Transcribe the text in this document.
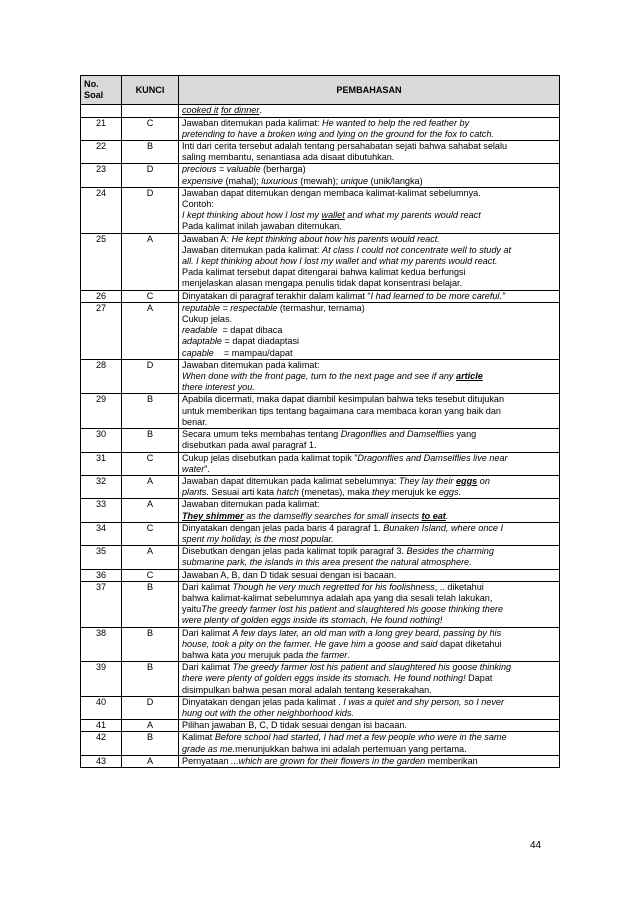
No. Soal	KUNCI	PEMBAHASAN

		cooked it for dinner.

21	C	Jawaban ditemukan pada kalimat: He wanted to help the red feather by
pretending to have a broken wing and lying on the ground for the fox to catch.

22	B	Inti dari cerita tersebut adalah tentang persahabatan sejati bahwa sahabat selalu
saling membantu, senantiasa ada disaat dibutuhkan.

23	D	precious = valuable (berharga)
expensive (mahal); luxurious (mewah); unique (unik/langka)

24	D	Jawaban dapat ditemukan dengan membaca kalimat-kalimat sebelumnya.
Contoh:
I kept thinking about how I lost my wallet and what my parents would react
Pada kalimat inilah jawaban ditemukan.

25	A	Jawaban A: He kept thinking about how his parents would react.
Jawaban ditemukan pada kalimat: At class I could not concentrate well to study at
all. I kept thinking about how I lost my wallet and what my parents would react.
Pada kalimat tersebut dapat ditengarai bahwa kalimat kedua berfungsi
menjelaskan alasan mengapa penulis tidak dapat konsentrasi belajar.

26	C	Dinyatakan di paragraf terakhir dalam kalimat “I had learned to be more careful.”

27	A	reputable = respectable (termashur, ternama)
Cukup jelas.
readable  = dapat dibaca
adaptable = dapat diadaptasi
capable    = mampau/dapat

28	D	Jawaban ditemukan pada kalimat:
When done with the front page, turn to the next page and see if any article
there interest you.

29	B	Apabila dicermati, maka dapat diambil kesimpulan bahwa teks tesebut ditujukan
untuk memberikan tips tentang bagaimana cara membaca koran yang baik dan
benar.

30	B	Secara umum teks membahas tentang Dragonflies and Damselflies yang
disebutkan pada awal paragraf 1.

31	C	Cukup jelas disebutkan pada kalimat topik ”Dragonflies and Damselflies live near
water”.

32	A	Jawaban dapat ditemukan pada kalimat sebelumnya: They lay their eggs on
plants. Sesuai arti kata hatch (menetas), maka they merujuk ke eggs.

33	A	Jawaban ditemukan pada kalimat:
They shimmer as the damselfly searches for small insects to eat.

34	C	Dinyatakan dengan jelas pada baris 4 paragraf 1. Bunaken Island, where once I
spent my holiday, is the most popular.

35	A	Disebutkan dengan jelas pada kalimat topik paragraf 3. Besides the charming
submarine park, the islands in this area present the natural atmosphere.

36	C	Jawaban A, B, dan D tidak sesuai dengan isi bacaan.

37	B	Dari kalimat Though he very much regretted for his foolishness, .. diketahui
bahwa kalimat-kalimat sebelumnya adalah apa yang dia sesali telah lakukan,
yaituThe greedy farmer lost his patient and slaughtered his goose thinking there
were plenty of golden eggs inside its stomach. He found nothing!

38	B	Dari kalimat A few days later, an old man with a long grey beard, passing by his
house, took a pity on the farmer. He gave him a goose and said dapat diketahui
bahwa kata you merujuk pada the farmer.

39	B	Dari kalimat The greedy farmer lost his patient and slaughtered his goose thinking
there were plenty of golden eggs inside its stomach. He found nothing! Dapat
disimpulkan bahwa pesan moral adalah tentang keserakahan.

40	D	Dinyatakan dengan jelas pada kalimat . I was a quiet and shy person, so I never
hung out with the other neighborhood kids.

41	A	Pilihan jawaban B, C, D tidak sesuai dengan isi bacaan.

42	B	Kalimat Before school had started, I had met a few people who were in the same
grade as me.menunjukkan bahwa ini adalah pertemuan yang pertama.

43	A	Pernyataan ...which are grown for their flowers in the garden memberikan
44
